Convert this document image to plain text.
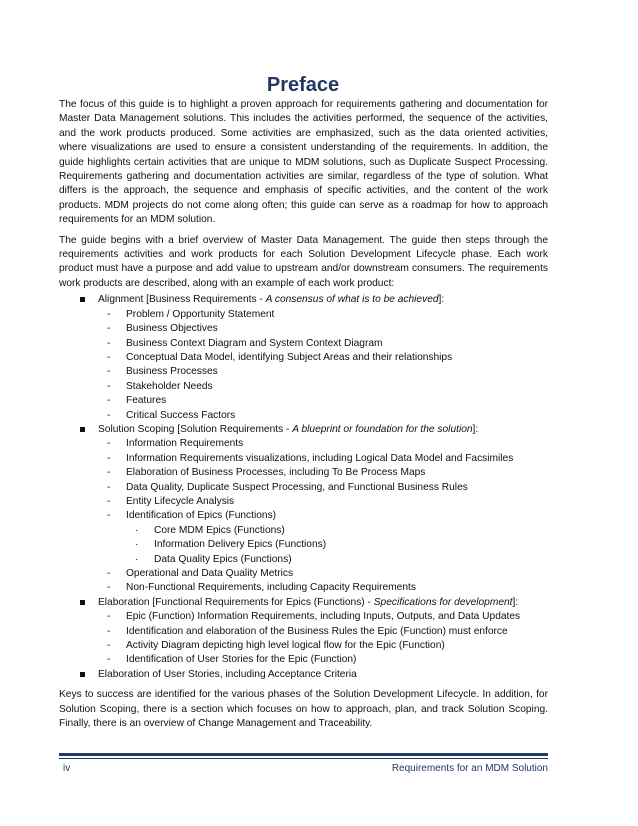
Preface

The focus of this guide is to highlight a proven approach for requirements gathering and documentation for Master Data Management solutions. This includes the activities performed, the sequence of the activities, and the work products produced. Some activities are emphasized, such as the data oriented activities, where visualizations are used to ensure a consistent understanding of the requirements. In addition, the guide highlights certain activities that are unique to MDM solutions, such as Duplicate Suspect Processing. Requirements gathering and documentation activities are similar, regardless of the type of solution. What differs is the approach, the sequence and emphasis of specific activities, and the content of the work products. MDM projects do not come along often; this guide can serve as a roadmap for how to approach requirements for an MDM solution.

The guide begins with a brief overview of Master Data Management. The guide then steps through the requirements activities and work products for each Solution Development Lifecycle phase. Each work product must have a purpose and add value to upstream and/or downstream consumers. The requirements work products are described, along with an example of each work product:

Alignment [Business Requirements - A consensus of what is to be achieved]:
- Problem / Opportunity Statement
- Business Objectives
- Business Context Diagram and System Context Diagram
- Conceptual Data Model, identifying Subject Areas and their relationships
- Business Processes
- Stakeholder Needs
- Features
- Critical Success Factors
Solution Scoping [Solution Requirements - A blueprint or foundation for the solution]:
- Information Requirements
- Information Requirements visualizations, including Logical Data Model and Facsimiles
- Elaboration of Business Processes, including To Be Process Maps
- Data Quality, Duplicate Suspect Processing, and Functional Business Rules
- Entity Lifecycle Analysis
- Identification of Epics (Functions)
· Core MDM Epics (Functions)
· Information Delivery Epics (Functions)
· Data Quality Epics (Functions)
- Operational and Data Quality Metrics
- Non-Functional Requirements, including Capacity Requirements
Elaboration [Functional Requirements for Epics (Functions) - Specifications for development]:
- Epic (Function) Information Requirements, including Inputs, Outputs, and Data Updates
- Identification and elaboration of the Business Rules the Epic (Function) must enforce
- Activity Diagram depicting high level logical flow for the Epic (Function)
- Identification of User Stories for the Epic (Function)
Elaboration of User Stories, including Acceptance Criteria

Keys to success are identified for the various phases of the Solution Development Lifecycle. In addition, for Solution Scoping, there is a section which focuses on how to approach, plan, and track Solution Scoping. Finally, there is an overview of Change Management and Traceability.

iv	Requirements for an MDM Solution
